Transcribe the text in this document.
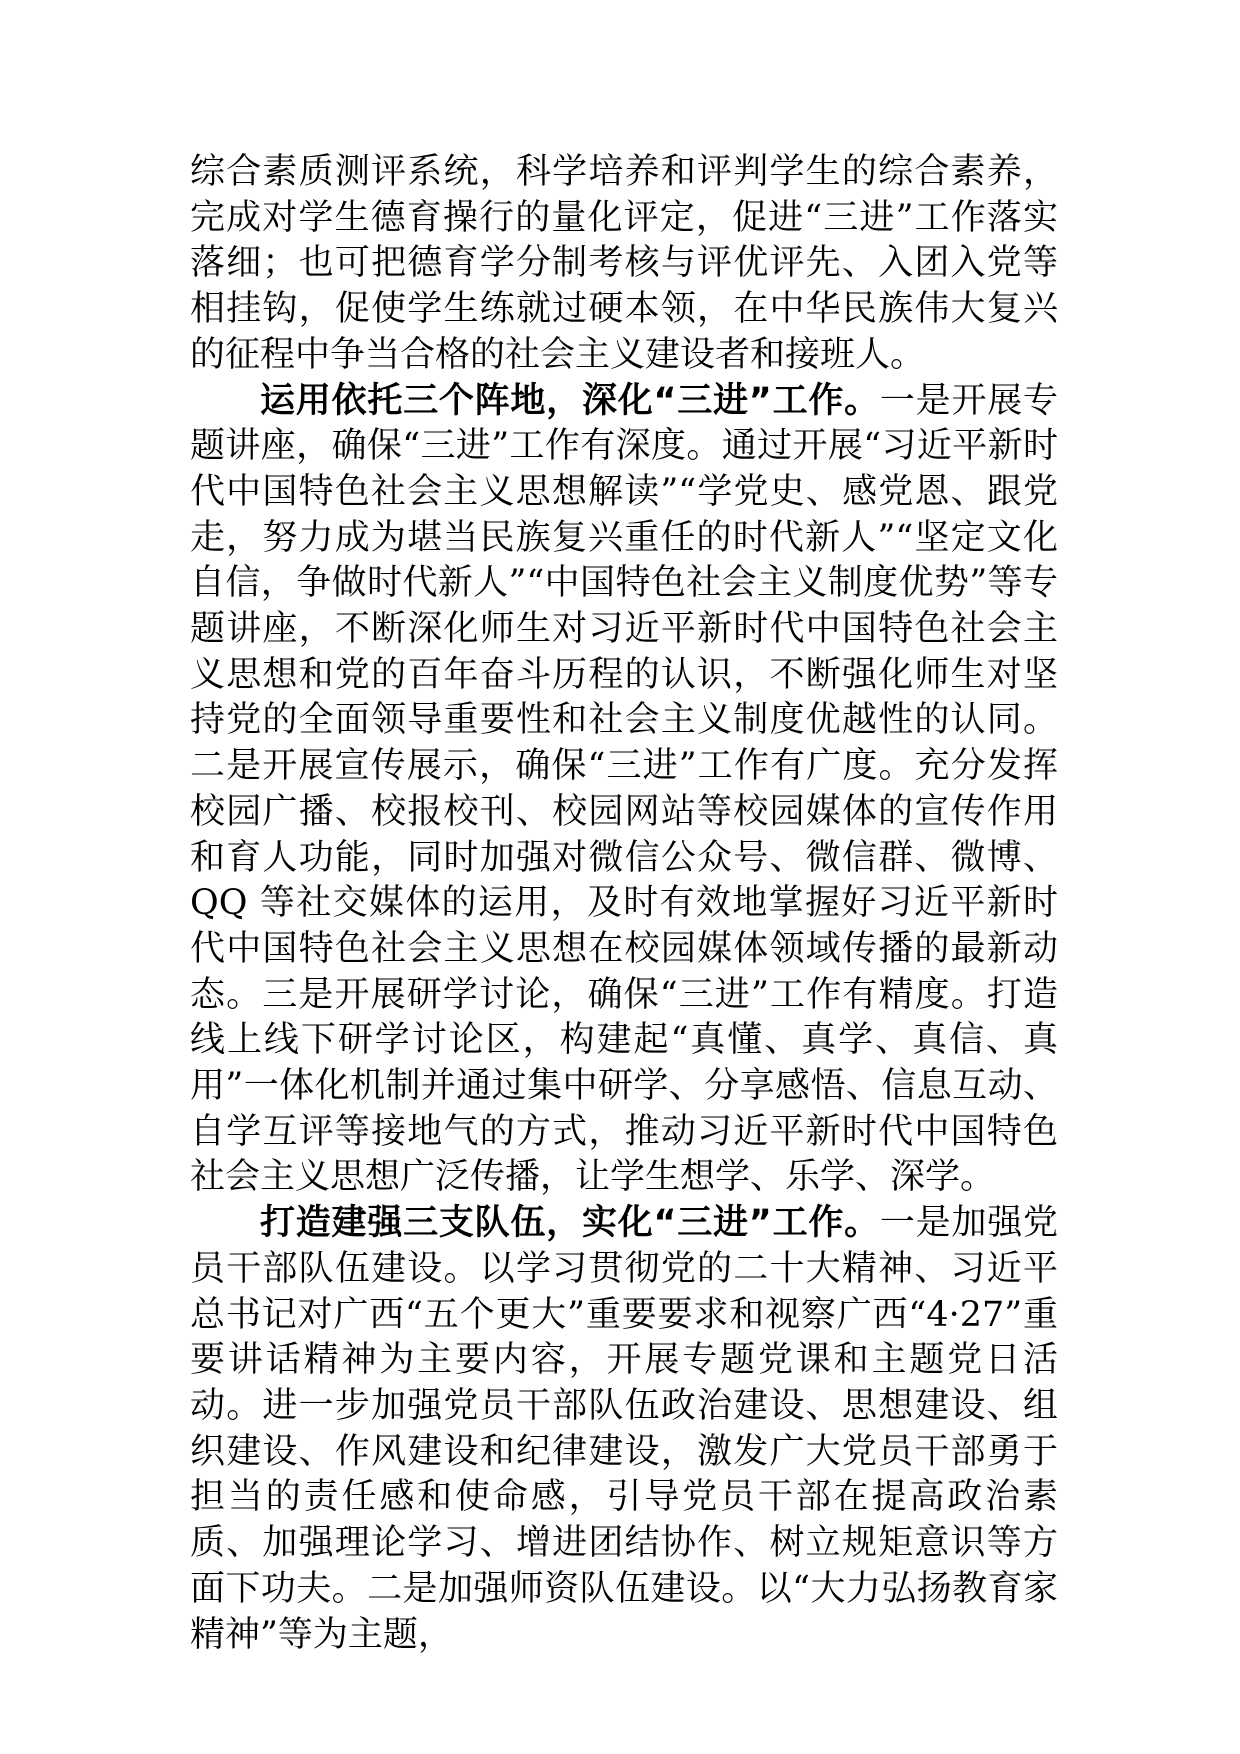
综合素质测评系统，科学培养和评判学生的综合素养，完成对学生德育操行的量化评定，促进“三进”工作落实落细；也可把德育学分制考核与评优评先、入团入党等相挂钩，促使学生练就过硬本领，在中华民族伟大复兴的征程中争当合格的社会主义建设者和接班人。

运用依托三个阵地，深化“三进”工作。一是开展专题讲座，确保“三进”工作有深度。通过开展“习近平新时代中国特色社会主义思想解读”“学党史、感党恩、跟党走，努力成为堪当民族复兴重任的时代新人”“坚定文化自信，争做时代新人”“中国特色社会主义制度优势”等专题讲座，不断深化师生对习近平新时代中国特色社会主义思想和党的百年奋斗历程的认识，不断强化师生对坚持党的全面领导重要性和社会主义制度优越性的认同。二是开展宣传展示，确保“三进”工作有广度。充分发挥校园广播、校报校刊、校园网站等校园媒体的宣传作用和育人功能，同时加强对微信公众号、微信群、微博、QQ 等社交媒体的运用，及时有效地掌握好习近平新时代中国特色社会主义思想在校园媒体领域传播的最新动态。三是开展研学讨论，确保“三进”工作有精度。打造线上线下研学讨论区，构建起“真懂、真学、真信、真用”一体化机制并通过集中研学、分享感悟、信息互动、自学互评等接地气的方式，推动习近平新时代中国特色社会主义思想广泛传播，让学生想学、乐学、深学。

打造建强三支队伍，实化“三进”工作。一是加强党员干部队伍建设。以学习贯彻党的二十大精神、习近平总书记对广西“五个更大”重要要求和视察广西“4·27”重要讲话精神为主要内容，开展专题党课和主题党日活动。进一步加强党员干部队伍政治建设、思想建设、组织建设、作风建设和纪律建设，激发广大党员干部勇于担当的责任感和使命感，引导党员干部在提高政治素质、加强理论学习、增进团结协作、树立规矩意识等方面下功夫。二是加强师资队伍建设。以“大力弘扬教育家精神”等为主题，
